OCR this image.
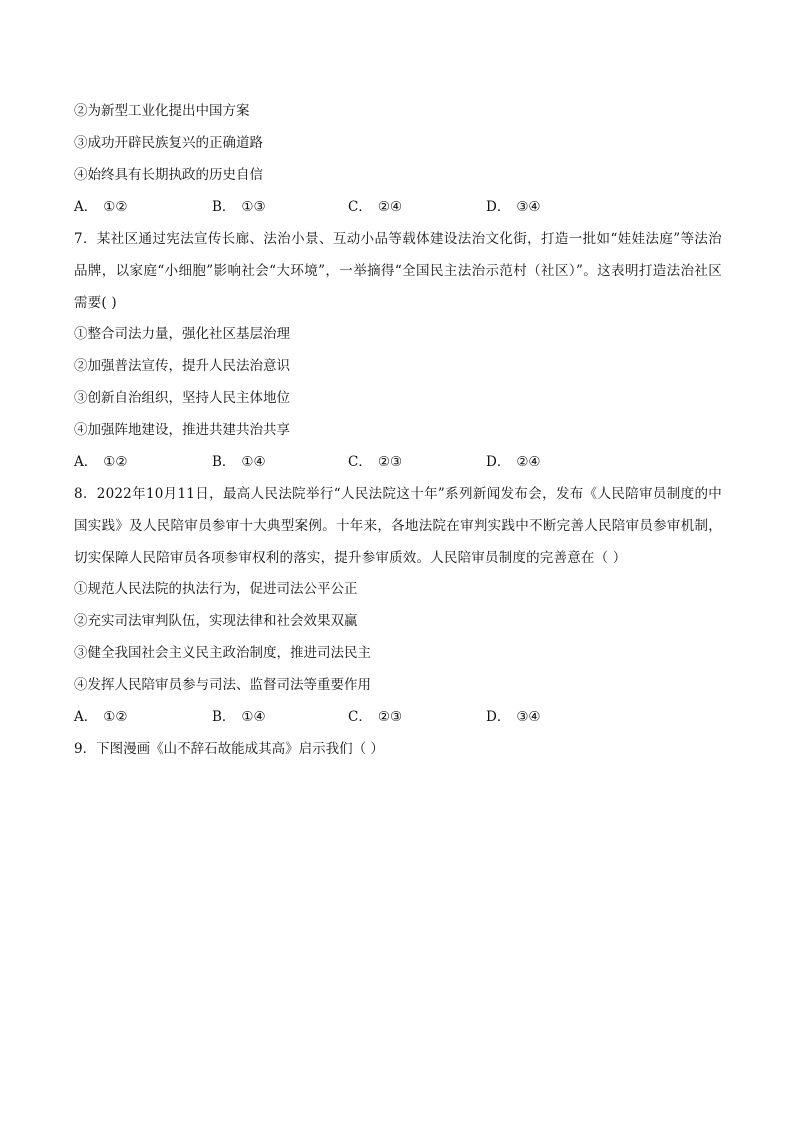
②为新型工业化提出中国方案
③成功开辟民族复兴的正确道路
④始终具有长期执政的历史自信
A． ①②	B． ①③	C． ②④	D． ③④
7．某社区通过宪法宣传长廊、法治小景、互动小品等载体建设法治文化街，打造一批如“娃娃法庭”等法治品牌，以家庭“小细胞”影响社会“大环境”，一举摘得“全国民主法治示范村（社区）”。这表明打造法治社区需要( )
①整合司法力量，强化社区基层治理
②加强普法宣传，提升人民法治意识
③创新自治组织，坚持人民主体地位
④加强阵地建设，推进共建共治共享
A． ①②	B． ①④	C． ②③	D． ②④
8．2022年10月11日，最高人民法院举行“人民法院这十年”系列新闻发布会，发布《人民陪审员制度的中国实践》及人民陪审员参审十大典型案例。十年来，各地法院在审判实践中不断完善人民陪审员参审机制，切实保障人民陪审员各项参审权利的落实，提升参审质效。人民陪审员制度的完善意在（ ）
①规范人民法院的执法行为，促进司法公平公正
②充实司法审判队伍，实现法律和社会效果双赢
③健全我国社会主义民主政治制度，推进司法民主
④发挥人民陪审员参与司法、监督司法等重要作用
A． ①②	B． ①④	C． ②③	D． ③④
9．下图漫画《山不辞石故能成其高》启示我们（ ）
